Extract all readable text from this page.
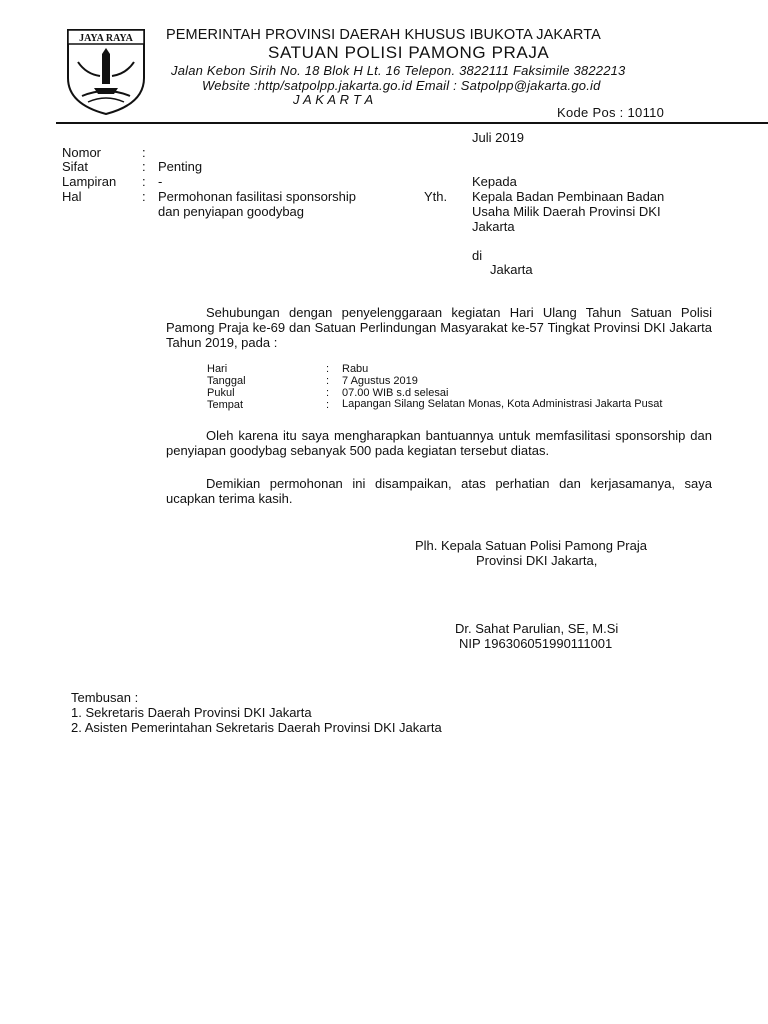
JAYA RAYA PEMERINTAH PROVINSI DAERAH KHUSUS IBUKOTA JAKARTA
SATUAN POLISI PAMONG PRAJA
Jalan Kebon Sirih No. 18 Blok H Lt. 16 Telepon. 3822111 Faksimile 3822213
Website :http/satpolpp.jakarta.go.id Email : Satpolpp@jakarta.go.id
J A K A R T A
Kode Pos : 10110
Juli 2019
Nomor	:
Sifat	: Penting
Lampiran : -
Hal	: Permohonan fasilitasi sponsorship
dan penyiapan goodybag
Kepada
Yth. Kepala Badan Pembinaan Badan
Usaha Milik Daerah Provinsi DKI
Jakarta
di
Jakarta
Sehubungan dengan penyelenggaraan kegiatan Hari Ulang Tahun Satuan Polisi Pamong Praja ke-69 dan Satuan Perlindungan Masyarakat ke-57 Tingkat Provinsi DKI Jakarta Tahun 2019, pada :
Hari	: Rabu
Tanggal	: 7 Agustus 2019
Pukul	: 07.00 WIB s.d selesai
Tempat	: Lapangan Silang Selatan Monas, Kota Administrasi Jakarta Pusat
Oleh karena itu saya mengharapkan bantuannya untuk memfasilitasi sponsorship dan penyiapan goodybag sebanyak 500 pada kegiatan tersebut diatas.
Demikian permohonan ini disampaikan, atas perhatian dan kerjasamanya, saya ucapkan terima kasih.
Plh. Kepala Satuan Polisi Pamong Praja
Provinsi DKI Jakarta,
Dr. Sahat Parulian, SE, M.Si
NIP 196306051990111001
Tembusan :
1. Sekretaris Daerah Provinsi DKI Jakarta
2. Asisten Pemerintahan Sekretaris Daerah Provinsi DKI Jakarta
